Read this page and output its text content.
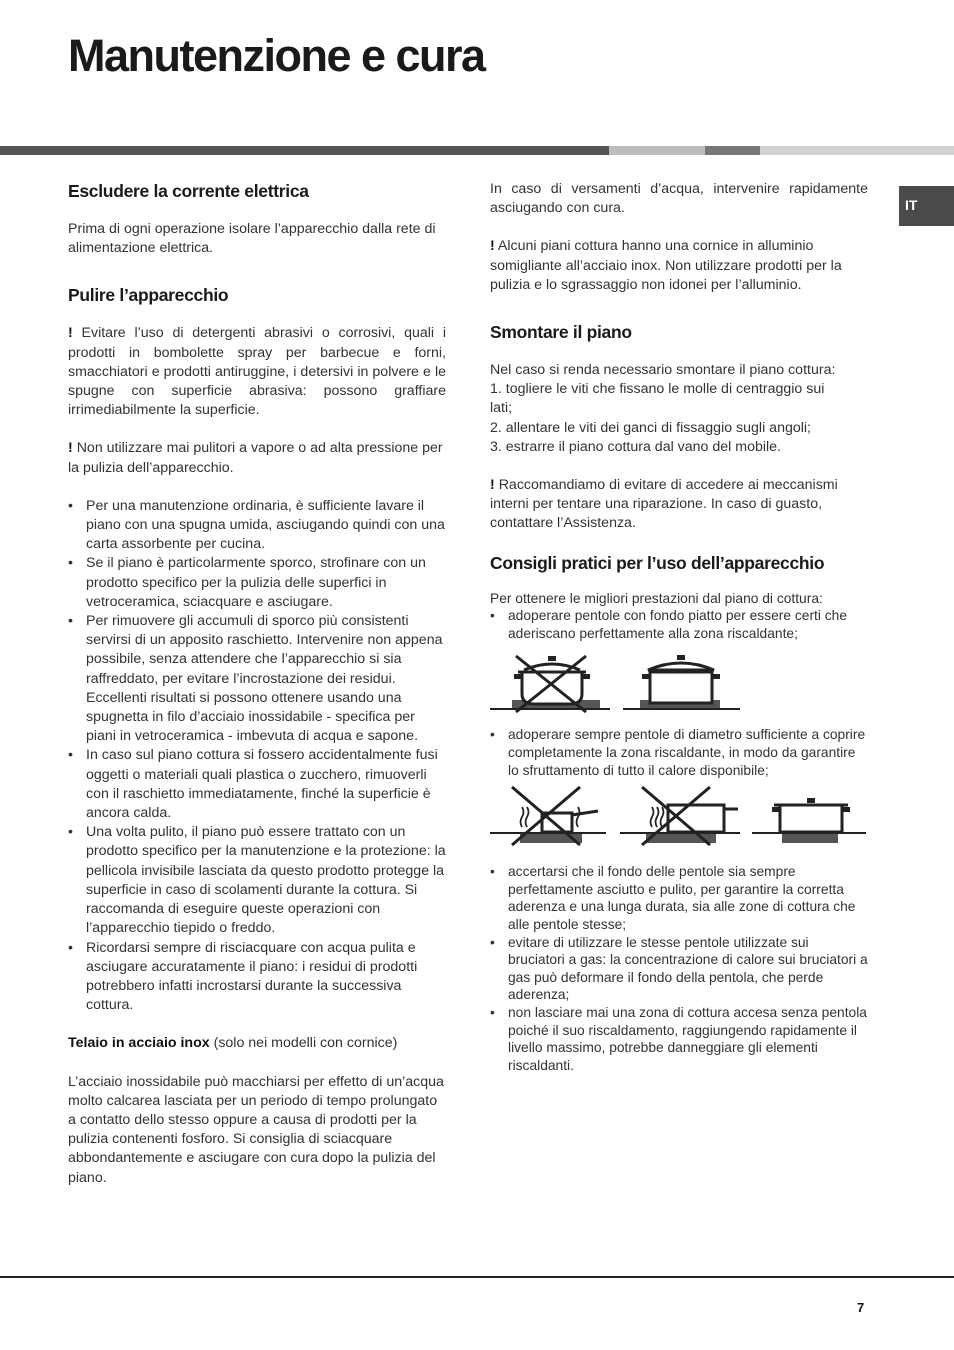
Manutenzione e cura
IT
Escludere la corrente elettrica

Prima di ogni operazione isolare l’apparecchio dalla rete di alimentazione elettrica.

Pulire l’apparecchio

! Evitare l’uso di detergenti abrasivi o corrosivi, quali i prodotti in bombolette spray per barbecue e forni, smacchiatori e prodotti antiruggine, i detersivi in polvere e le spugne con superficie abrasiva: possono graffiare irrimediabilmente la superficie.

! Non utilizzare mai pulitori a vapore o ad alta pressione per la pulizia dell’apparecchio.

• Per una manutenzione ordinaria, è sufficiente lavare il piano con una spugna umida, asciugando quindi con una carta assorbente per cucina.
• Se il piano è particolarmente sporco, strofinare con un prodotto specifico per la pulizia delle superfici in vetroceramica, sciacquare e asciugare.
• Per rimuovere gli accumuli di sporco più consistenti servirsi di un apposito raschietto. Intervenire non appena possibile, senza attendere che l’apparecchio si sia raffreddato, per evitare l’incrostazione dei residui. Eccellenti risultati si possono ottenere usando una spugnetta in filo d’acciaio inossidabile - specifica per piani in vetroceramica - imbevuta di acqua e sapone.
• In caso sul piano cottura si fossero accidentalmente fusi oggetti o materiali quali plastica o zucchero, rimuoverli con il raschietto immediatamente, finché la superficie è ancora calda.
• Una volta pulito, il piano può essere trattato con un prodotto specifico per la manutenzione e la protezione: la pellicola invisibile lasciata da questo prodotto protegge la superficie in caso di scolamenti durante la cottura. Si raccomanda di eseguire queste operazioni con l’apparecchio tiepido o freddo.
• Ricordarsi sempre di risciacquare con acqua pulita e asciugare accuratamente il piano: i residui di prodotti potrebbero infatti incrostarsi durante la successiva cottura.

Telaio in acciaio inox (solo nei modelli con cornice)

L’acciaio inossidabile può macchiarsi per effetto di un’acqua molto calcarea lasciata per un periodo di tempo prolungato a contatto dello stesso oppure a causa di prodotti per la pulizia contenenti fosforo. Si consiglia di sciacquare abbondantemente e asciugare con cura dopo la pulizia del piano.

In caso di versamenti d’acqua, intervenire rapidamente asciugando con cura.

! Alcuni piani cottura hanno una cornice in alluminio somigliante all’acciaio inox. Non utilizzare prodotti per la pulizia e lo sgrassaggio non idonei per l’alluminio.

Smontare il piano

Nel caso si renda necessario smontare il piano cottura:

1. togliere le viti che fissano le molle di centraggio sui lati;

2. allentare le viti dei ganci di fissaggio sugli angoli;

3. estrarre il piano cottura dal vano del mobile.

! Raccomandiamo di evitare di accedere ai meccanismi interni per tentare una riparazione. In caso di guasto, contattare l’Assistenza.

Consigli pratici per l’uso dell’apparecchio

Per ottenere le migliori prestazioni dal piano di cottura:

• adoperare pentole con fondo piatto per essere certi che aderiscano perfettamente alla zona riscaldante;
• adoperare sempre pentole di diametro sufficiente a coprire completamente la zona riscaldante, in modo da garantire lo sfruttamento di tutto il calore disponibile;
• accertarsi che il fondo delle pentole sia sempre perfettamente asciutto e pulito, per garantire la corretta aderenza e una lunga durata, sia alle zone di cottura che alle pentole stesse;
• evitare di utilizzare le stesse pentole utilizzate sui bruciatori a gas: la concentrazione di calore sui bruciatori a gas può deformare il fondo della pentola, che perde aderenza;
• non lasciare mai una zona di cottura accesa senza pentola poiché il suo riscaldamento, raggiungendo rapidamente il livello massimo, potrebbe danneggiare gli elementi riscaldanti.
7
